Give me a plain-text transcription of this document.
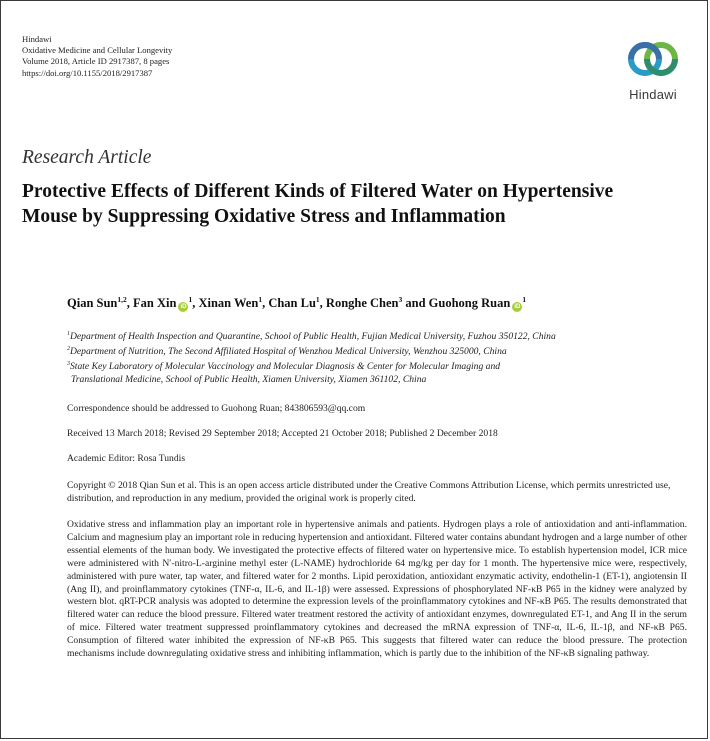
Hindawi
Oxidative Medicine and Cellular Longevity
Volume 2018, Article ID 2917387, 8 pages
https://doi.org/10.1155/2018/2917387
Hindawi
Research Article
Protective Effects of Different Kinds of Filtered Water on Hypertensive Mouse by Suppressing Oxidative Stress and Inflammation
Qian Sun$^{1,2}$, Fan Xin $iD^1$, Xinan Wen$^1$, Chan Lu$^1$, Ronghe Chen$^3$ and Guohong Ruan $iD^1$
$^1$Department of Health Inspection and Quarantine, School of Public Health, Fujian Medical University, Fuzhou 350122, China
$^2$Department of Nutrition, The Second Affiliated Hospital of Wenzhou Medical University, Wenzhou 325000, China
$^3$State Key Laboratory of Molecular Vaccinology and Molecular Diagnosis & Center for Molecular Imaging and
Translational Medicine, School of Public Health, Xiamen University, Xiamen 361102, China
Correspondence should be addressed to Guohong Ruan; 843806593@qq.com
Received 13 March 2018; Revised 29 September 2018; Accepted 21 October 2018; Published 2 December 2018
Academic Editor: Rosa Tundis
Copyright © 2018 Qian Sun et al. This is an open access article distributed under the Creative Commons Attribution License, which permits unrestricted use, distribution, and reproduction in any medium, provided the original work is properly cited.

Oxidative stress and inflammation play an important role in hypertensive animals and patients. Hydrogen plays a role of antioxidation and anti-inflammation. Calcium and magnesium play an important role in reducing hypertension and antioxidant. Filtered water contains abundant hydrogen and a large number of other essential elements of the human body. We investigated the protective effects of filtered water on hypertensive mice. To establish hypertension model, ICR mice were administered with N′-nitro-L-arginine methyl ester (L-NAME) hydrochloride 64 mg/kg per day for 1 month. The hypertensive mice were, respectively, administered with pure water, tap water, and filtered water for 2 months. Lipid peroxidation, antioxidant enzymatic activity, endothelin-1 (ET-1), angiotensin II (Ang II), and proinflammatory cytokines (TNF-α, IL-6, and IL-1β) were assessed. Expressions of phosphorylated NF-κB P65 in the kidney were analyzed by western blot. qRT-PCR analysis was adopted to determine the expression levels of the proinflammatory cytokines and NF-κB P65. The results demonstrated that filtered water can reduce the blood pressure. Filtered water treatment restored the activity of antioxidant enzymes, downregulated ET-1, and Ang II in the serum of mice. Filtered water treatment suppressed proinflammatory cytokines and decreased the mRNA expression of TNF-α, IL-6, IL-1β, and NF-κB P65. Consumption of filtered water inhibited the expression of NF-κB P65. This suggests that filtered water can reduce the blood pressure. The protection mechanisms include downregulating oxidative stress and inhibiting inflammation, which is partly due to the inhibition of the NF-κB signaling pathway.
